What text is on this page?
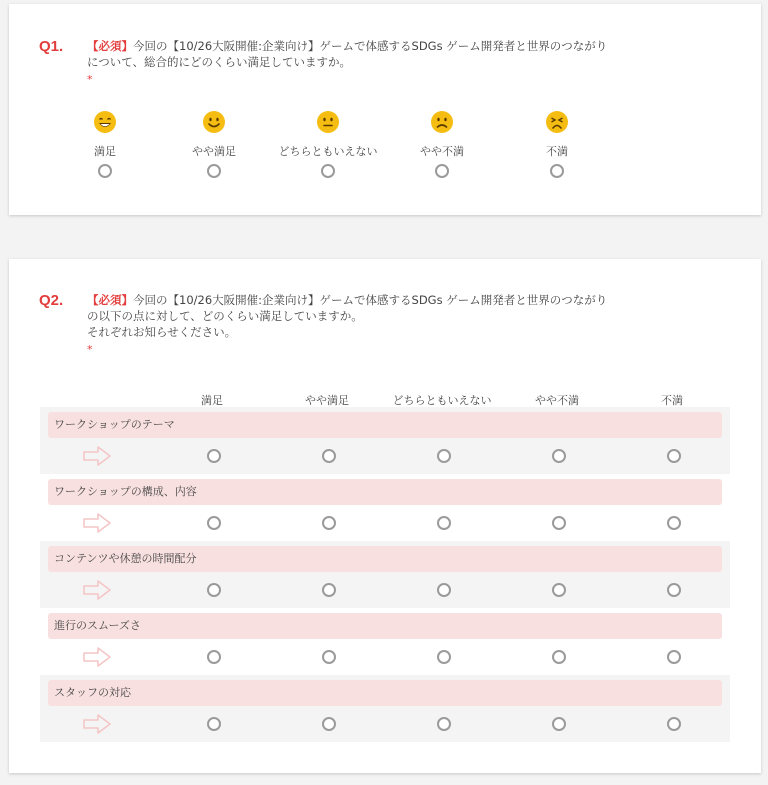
Q1. 【必須】今回の【10/26大阪開催:企業向け】ゲームで体感するSDGs ゲーム開発者と世界のつながり
について、総合的にどのくらい満足していますか。
*
満足	やや満足	どちらともいえない	やや不満	不満
Q2. 【必須】今回の【10/26大阪開催:企業向け】ゲームで体感するSDGs ゲーム開発者と世界のつながり
の以下の点に対して、どのくらい満足していますか。
それぞれお知らせください。
*
満足	やや満足	どちらともいえない	やや不満	不満
ワークショップのテーマ
ワークショップの構成、内容
コンテンツや休憩の時間配分
進行のスムーズさ
スタッフの対応
